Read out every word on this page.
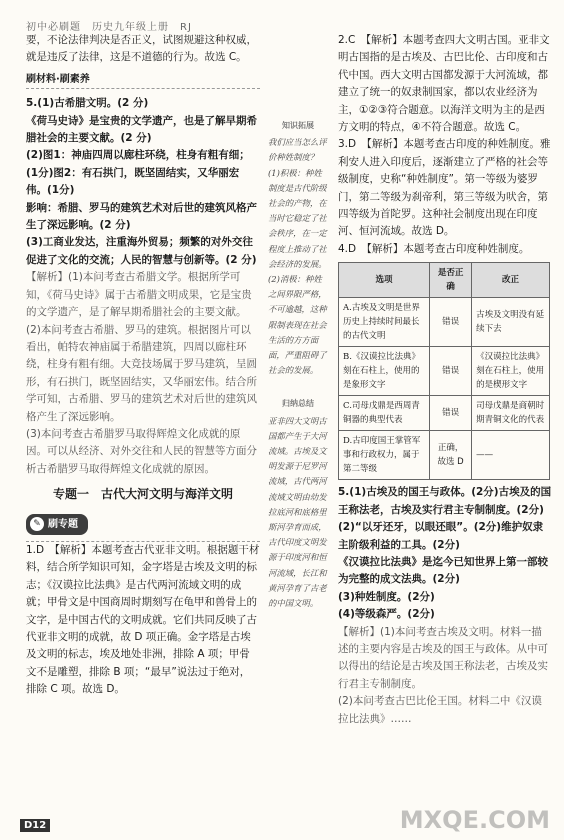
初中必刷题　历史九年级上册　RJ

要，不论法律判决是否正义，试图规避这种权威，就是违反了法律，这是不道德的行为。故选 C。

刷材料·刷素养

5.(1)古希腊文明。(2 分)

《荷马史诗》是宝贵的文学遗产，也是了解早期希腊社会的主要文献。(2 分)

(2)图1：神庙四周以廊柱环绕，柱身有粗有细；(1分)图2：有石拱门，既坚固结实，又华丽宏伟。(1分)

影响：希腊、罗马的建筑艺术对后世的建筑风格产生了深远影响。(2 分)

(3)工商业发达，注重海外贸易；频繁的对外交往促进了文化的交流；人民的智慧与创新等。(2 分)

【解析】(1)本问考查古希腊文学。根据所学可知，《荷马史诗》属于古希腊文明成果，它是宝贵的文学遗产，是了解早期希腊社会的主要文献。

(2)本问考查古希腊、罗马的建筑。根据图片可以看出，帕特农神庙属于希腊建筑，四周以廊柱环绕，柱身有粗有细。大竞技场属于罗马建筑，呈圆形，有石拱门，既坚固结实，又华丽宏伟。结合所学可知，古希腊、罗马的建筑艺术对后世的建筑风格产生了深远影响。

(3)本问考查古希腊罗马取得辉煌文化成就的原因。可以从经济、对外交往和人民的智慧等方面分析古希腊罗马取得辉煌文化成就的原因。

专题一　古代大河文明与海洋文明
✎ 刷专题

1.D　【解析】本题考查古代亚非文明。根据题干材料，结合所学知识可知，金字塔是古埃及文明的标志；《汉谟拉比法典》是古代两河流域文明的成就；甲骨文是中国商周时期刻写在龟甲和兽骨上的文字，是中国古代的文明成就。它们共同反映了古代亚非文明的成就，故 D 项正确。金字塔是古埃及文明的标志，埃及地处非洲，排除 A 项；甲骨文不是雕塑，排除 B 项；“最早”说法过于绝对，排除 C 项。故选 D。

知识拓展

我们应当怎么评价种姓制度？(1)积极：种姓制度是古代阶级社会的产物，在当时它稳定了社会秩序，在一定程度上推动了社会经济的发展。(2)消极：种姓之间界限严格，不可逾越，这种限制表现在社会生活的方方面面，严重阻碍了社会的发展。

归纳总结

亚非四大文明古国都产生于大河流域。古埃及文明发源于尼罗河流域，古代两河流域文明由幼发拉底河和底格里斯河孕育而成，古代印度文明发源于印度河和恒河流域，长江和黄河孕育了古老的中国文明。

2.C　【解析】本题考查四大文明古国。亚非文明古国指的是古埃及、古巴比伦、古印度和古代中国。西大文明古国都发源于大河流域，都建立了统一的奴隶制国家，都以农业经济为主，①②③符合题意。以海洋文明为主的是西方文明的特点，④不符合题意。故选 C。

3.D　【解析】本题考查古印度的种姓制度。雅利安人进入印度后，逐渐建立了严格的社会等级制度，史称“种姓制度”。第一等级为婆罗门，第二等级为刹帝利，第三等级为吠舍，第四等级为首陀罗。这种社会制度出现在印度河、恒河流域。故选 D。

4.D　【解析】本题考查古印度种姓制度。

选项	是否正确	改正
A.古埃及文明是世界历史上持续时间最长的古代文明	错误	古埃及文明没有延续下去
B.《汉谟拉比法典》刻在石柱上，使用的是象形文字	错误	《汉谟拉比法典》刻在石柱上，使用的是楔形文字
C.司母戊鼎是西周青铜器的典型代表	错误	司母戊鼎是商朝时期青铜文化的代表
D.古印度国王掌管军事和行政权力，属于第二等级	正确，故选 D	——

5.(1)古埃及的国王与政体。(2分)古埃及的国王称法老，古埃及实行君主专制制度。(2分)

(2)“以牙还牙，以眼还眼”。(2分)维护奴隶主阶级利益的工具。(2分)

《汉谟拉比法典》是迄今已知世界上第一部较为完整的成文法典。(2分)

(3)种姓制度。(2分)

(4)等级森严。(2分)

【解析】(1)本问考查古埃及文明。材料一描述的主要内容是古埃及的国王与政体。从中可以得出的结论是古埃及国王称法老，古埃及实行君主专制制度。

(2)本问考查古巴比伦王国。材料二中《汉谟拉比法典》……

D12	MXQE.COM
